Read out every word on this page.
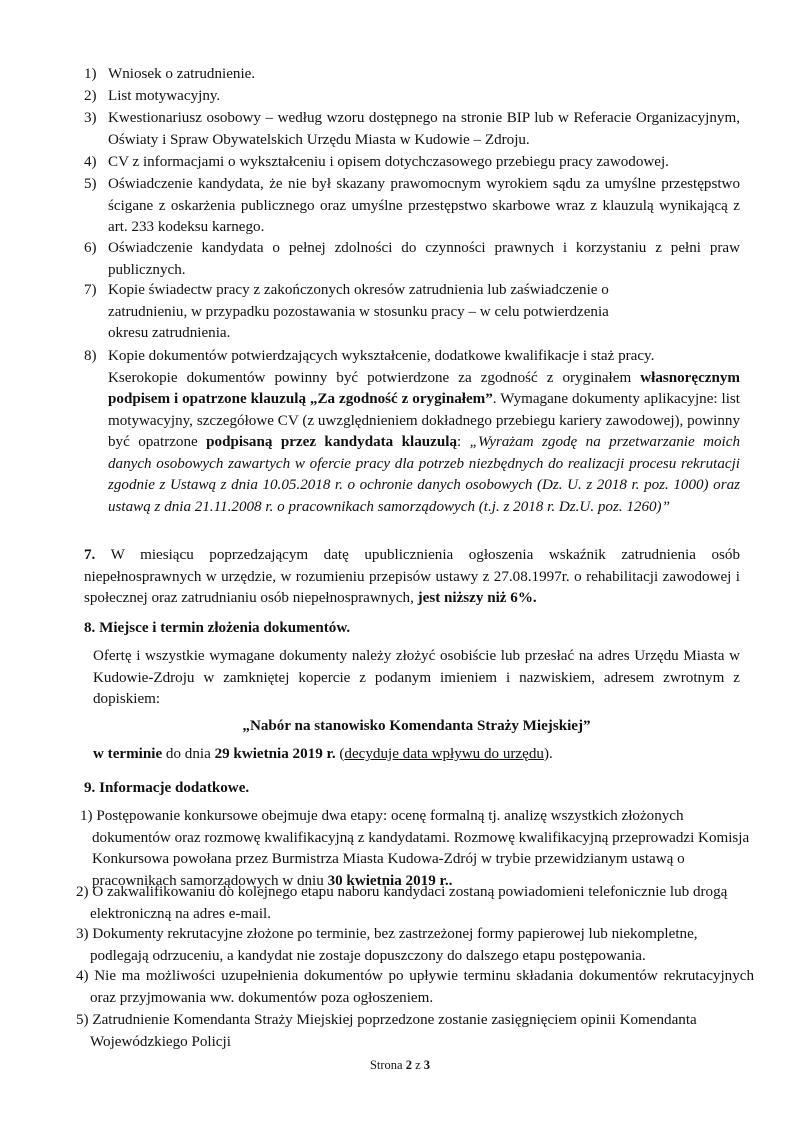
1) Wniosek o zatrudnienie.
2) List motywacyjny.
3) Kwestionariusz osobowy – według wzoru dostępnego na stronie BIP lub w Referacie Organizacyjnym, Oświaty i Spraw Obywatelskich Urzędu Miasta w Kudowie – Zdroju.
4) CV z informacjami o wykształceniu i opisem dotychczasowego przebiegu pracy zawodowej.
5) Oświadczenie kandydata, że nie był skazany prawomocnym wyrokiem sądu za umyślne przestępstwo ścigane z oskarżenia publicznego oraz umyślne przestępstwo skarbowe wraz z klauzulą wynikającą z art. 233 kodeksu karnego.
6) Oświadczenie kandydata o pełnej zdolności do czynności prawnych i korzystaniu z pełni praw publicznych.
7) Kopie świadectw pracy z zakończonych okresów zatrudnienia lub zaświadczenie o zatrudnieniu, w przypadku pozostawania w stosunku pracy – w celu potwierdzenia okresu zatrudnienia.
8) Kopie dokumentów potwierdzających wykształcenie, dodatkowe kwalifikacje i staż pracy.
Kserokopie dokumentów powinny być potwierdzone za zgodność z oryginałem własnoręcznym podpisem i opatrzone klauzulą „Za zgodność z oryginałem”. Wymagane dokumenty aplikacyjne: list motywacyjny, szczegółowe CV (z uwzględnieniem dokładnego przebiegu kariery zawodowej), powinny być opatrzone podpisaną przez kandydata klauzulą: „Wyrażam zgodę na przetwarzanie moich danych osobowych zawartych w ofercie pracy dla potrzeb niezbędnych do realizacji procesu rekrutacji zgodnie z Ustawą z dnia 10.05.2018 r. o ochronie danych osobowych (Dz. U. z 2018 r. poz. 1000) oraz ustawą z dnia 21.11.2008 r. o pracownikach samorządowych (t.j. z 2018 r. Dz.U. poz. 1260)”
7. W miesiącu poprzedzającym datę upublicznienia ogłoszenia wskaźnik zatrudnienia osób niepełnosprawnych w urzędzie, w rozumieniu przepisów ustawy z 27.08.1997r. o rehabilitacji zawodowej i społecznej oraz zatrudnianiu osób niepełnosprawnych, jest niższy niż 6%.
8. Miejsce i termin złożenia dokumentów.
Ofertę i wszystkie wymagane dokumenty należy złożyć osobiście lub przesłać na adres Urzędu Miasta w Kudowie-Zdroju w zamkniętej kopercie z podanym imieniem i nazwiskiem, adresem zwrotnym z dopiskiem:
„Nabór na stanowisko Komendanta Straży Miejskiej”
w terminie do dnia 29 kwietnia 2019 r. (decyduje data wpływu do urzędu).
9. Informacje dodatkowe.
1) Postępowanie konkursowe obejmuje dwa etapy: ocenę formalną tj. analizę wszystkich złożonych dokumentów oraz rozmowę kwalifikacyjną z kandydatami. Rozmowę kwalifikacyjną przeprowadzi Komisja Konkursowa powołana przez Burmistrza Miasta Kudowa-Zdrój w trybie przewidzianym ustawą o pracownikach samorządowych w dniu 30 kwietnia 2019 r..
2) O zakwalifikowaniu do kolejnego etapu naboru kandydaci zostaną powiadomieni telefonicznie lub drogą elektroniczną na adres e-mail.
3) Dokumenty rekrutacyjne złożone po terminie, bez zastrzeżonej formy papierowej lub niekompletne, podlegają odrzuceniu, a kandydat nie zostaje dopuszczony do dalszego etapu postępowania.
4) Nie ma możliwości uzupełnienia dokumentów po upływie terminu składania dokumentów rekrutacyjnych oraz przyjmowania ww. dokumentów poza ogłoszeniem.
5) Zatrudnienie Komendanta Straży Miejskiej poprzedzone zostanie zasięgnięciem opinii Komendanta Wojewódzkiego Policji
Strona 2 z 3
